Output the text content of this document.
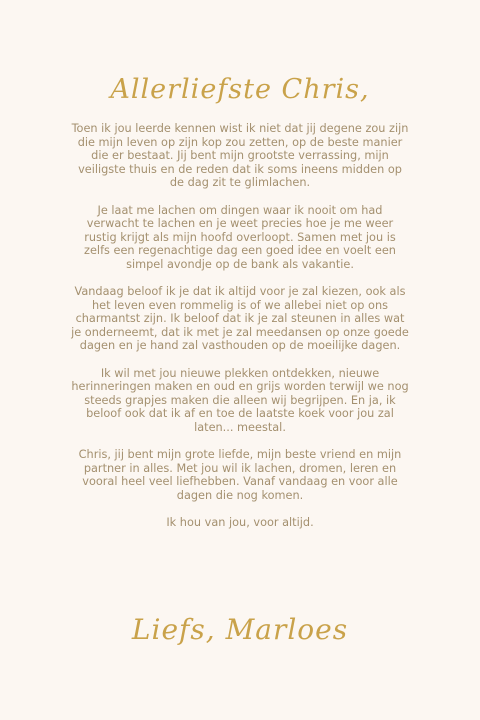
Allerliefste Chris,

Toen ik jou leerde kennen wist ik niet dat jij degene zou zijn die mijn leven op zijn kop zou zetten, op de beste manier die er bestaat. Jij bent mijn grootste verrassing, mijn veiligste thuis en de reden dat ik soms ineens midden op de dag zit te glimlachen.

Je laat me lachen om dingen waar ik nooit om had verwacht te lachen en je weet precies hoe je me weer rustig krijgt als mijn hoofd overloopt. Samen met jou is zelfs een regenachtige dag een goed idee en voelt een simpel avondje op de bank als vakantie.

Vandaag beloof ik je dat ik altijd voor je zal kiezen, ook als het leven even rommelig is of we allebei niet op ons charmantst zijn. Ik beloof dat ik je zal steunen in alles wat je onderneemt, dat ik met je zal meedansen op onze goede dagen en je hand zal vasthouden op de moeilijke dagen.

Ik wil met jou nieuwe plekken ontdekken, nieuwe herinneringen maken en oud en grijs worden terwijl we nog steeds grapjes maken die alleen wij begrijpen. En ja, ik beloof ook dat ik af en toe de laatste koek voor jou zal laten... meestal.

Chris, jij bent mijn grote liefde, mijn beste vriend en mijn partner in alles. Met jou wil ik lachen, dromen, leren en vooral heel veel liefhebben. Vanaf vandaag en voor alle dagen die nog komen.

Ik hou van jou, voor altijd.

Liefs, Marloes
